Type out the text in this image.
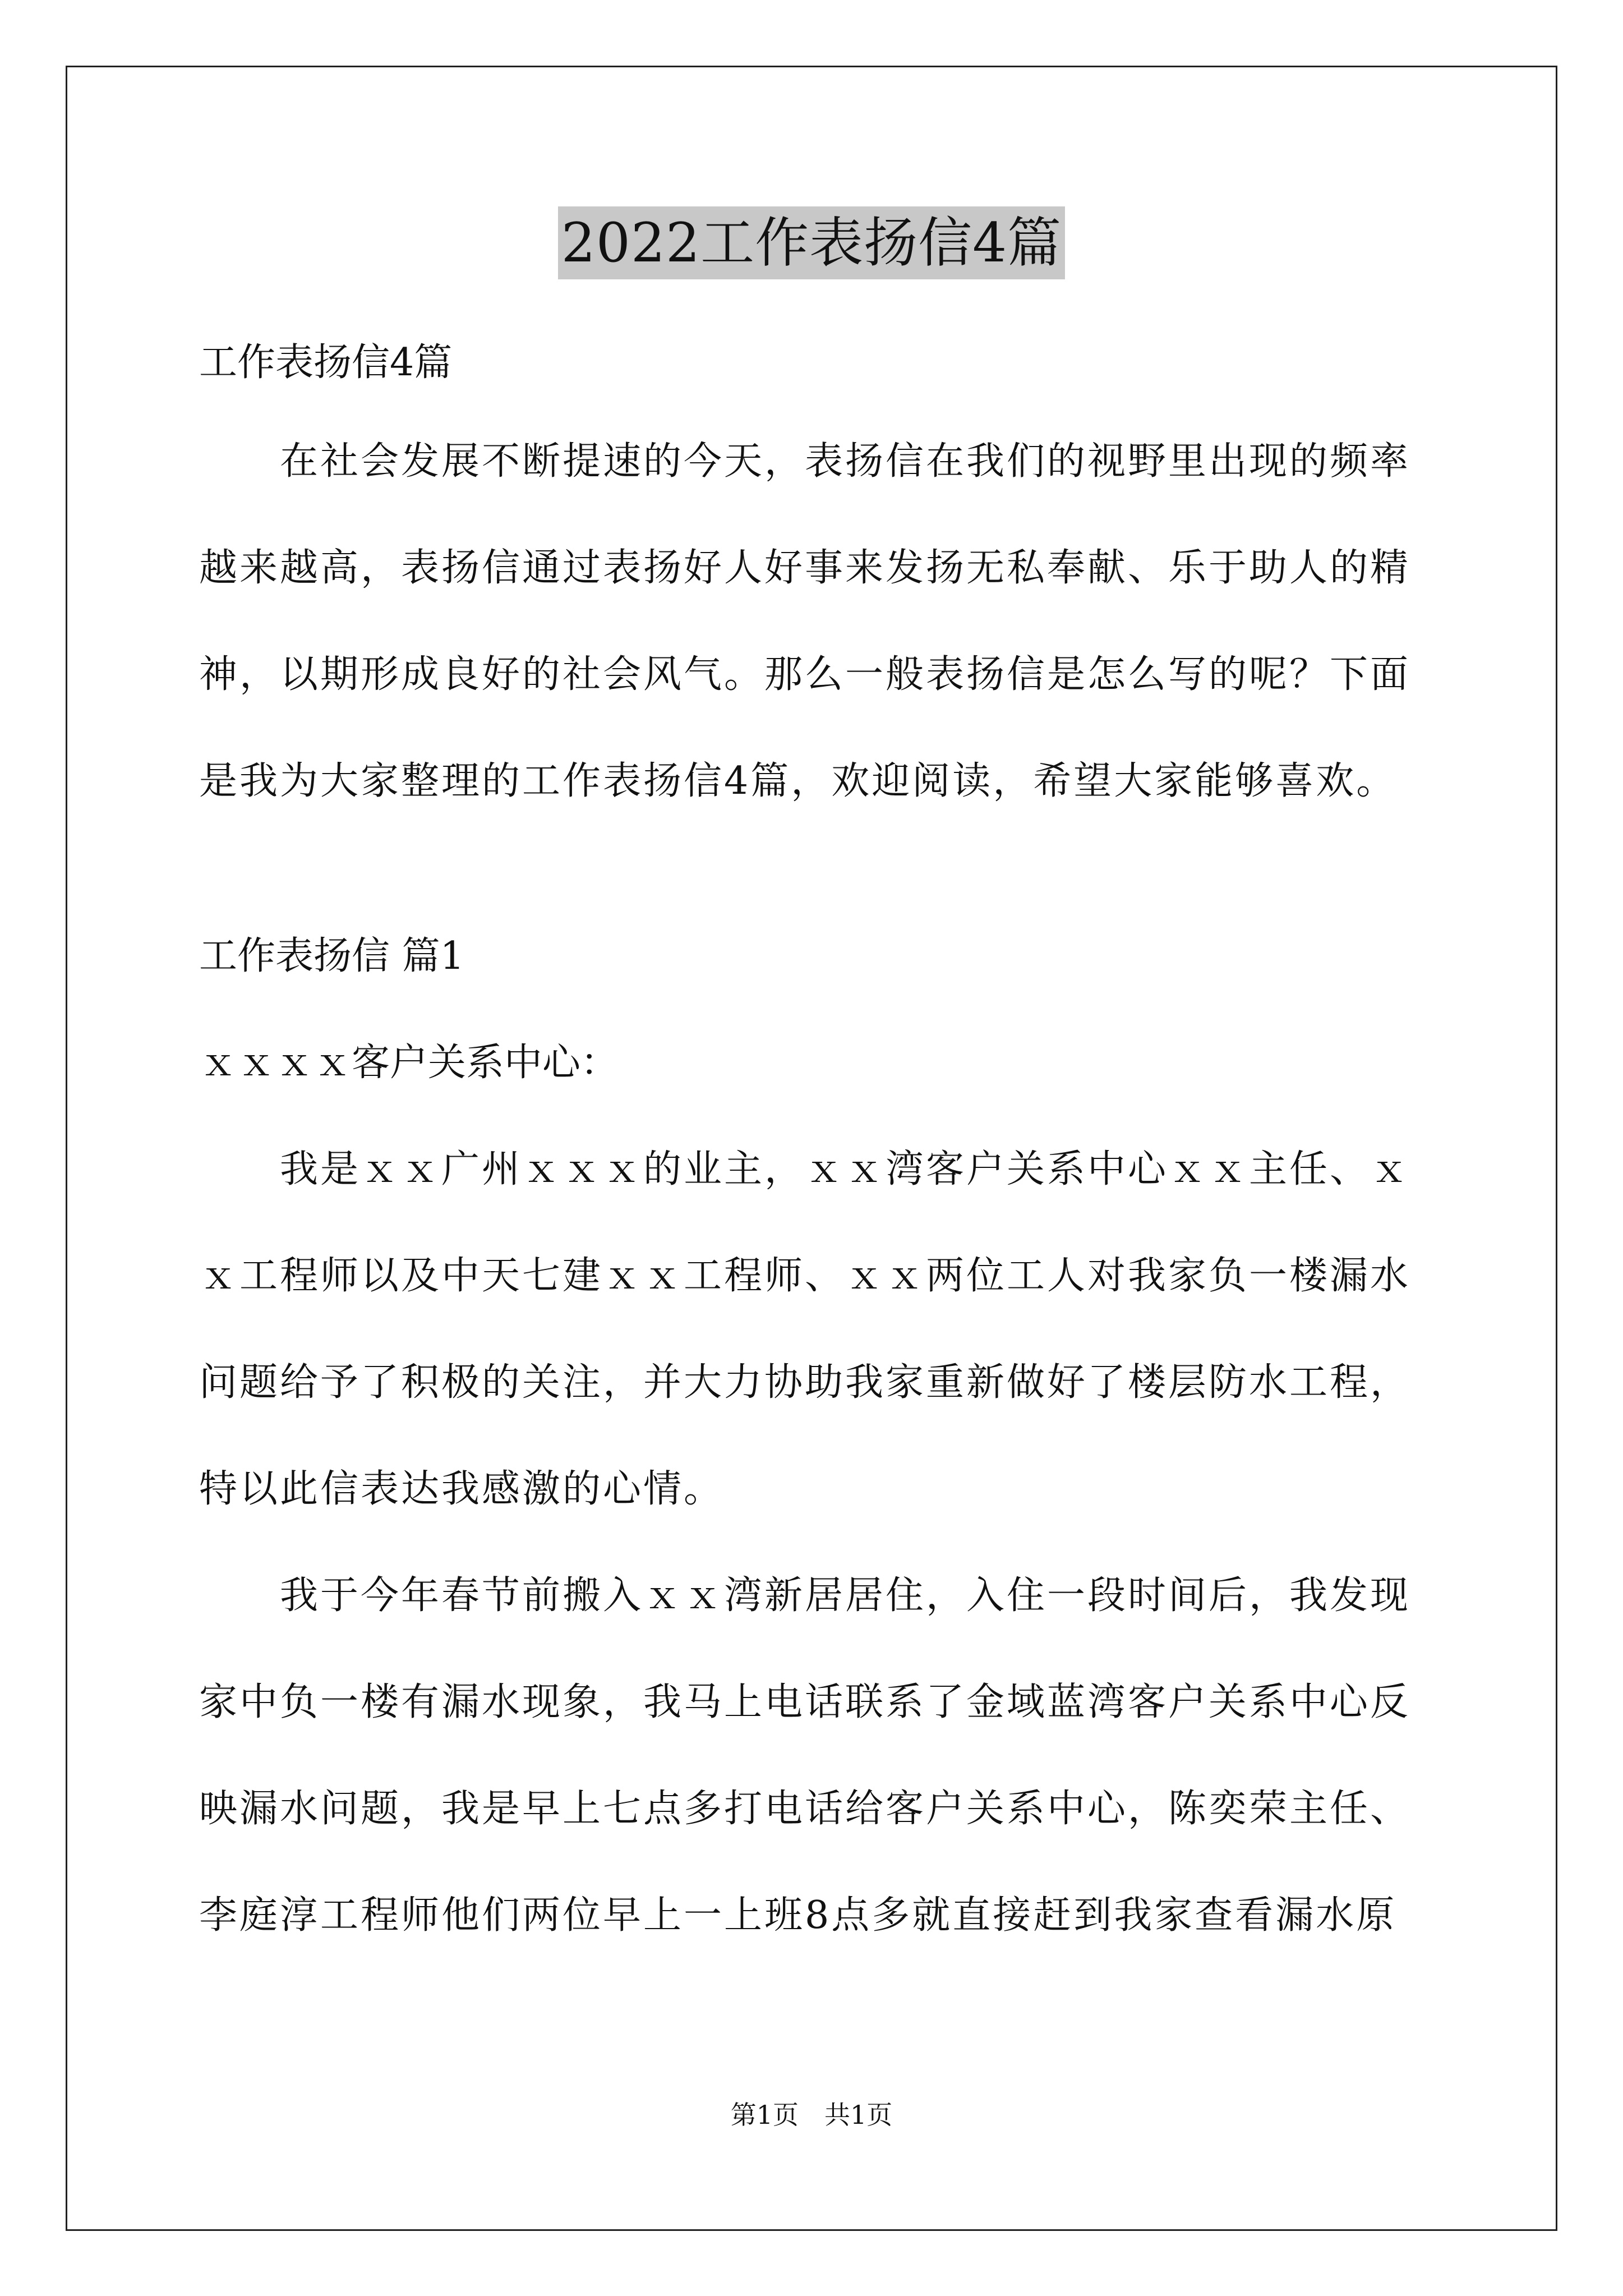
2022工作表扬信4篇

工作表扬信4篇

在社会发展不断提速的今天，表扬信在我们的视野里出现的频率越来越高，表扬信通过表扬好人好事来发扬无私奉献、乐于助人的精神，以期形成良好的社会风气。那么一般表扬信是怎么写的呢？下面是我为大家整理的工作表扬信4篇，欢迎阅读，希望大家能够喜欢。

工作表扬信 篇1

ｘｘｘｘ客户关系中心：

我是ｘｘ广州ｘｘｘ的业主，ｘｘ湾客户关系中心ｘｘ主任、ｘｘ工程师以及中天七建ｘｘ工程师、ｘｘ两位工人对我家负一楼漏水问题给予了积极的关注，并大力协助我家重新做好了楼层防水工程，特以此信表达我感激的心情。

我于今年春节前搬入ｘｘ湾新居居住，入住一段时间后，我发现家中负一楼有漏水现象，我马上电话联系了金域蓝湾客户关系中心反映漏水问题，我是早上七点多打电话给客户关系中心，陈奕荣主任、李庭淳工程师他们两位早上一上班8点多就直接赶到我家查看漏水原

第1页　共1页
